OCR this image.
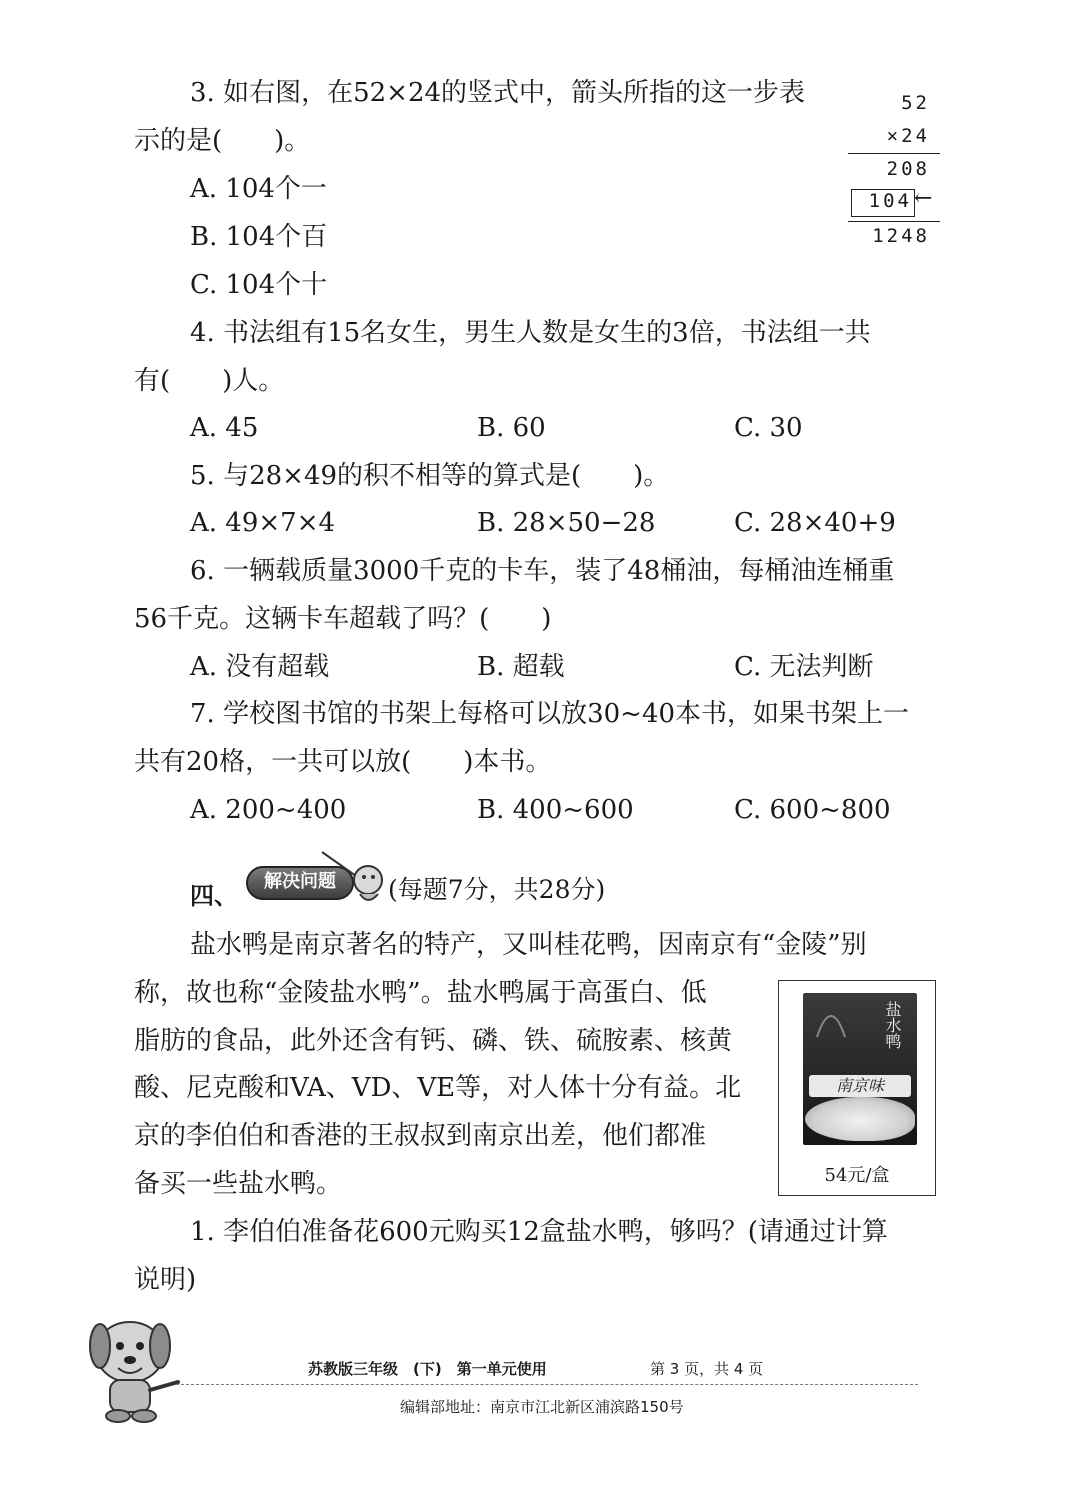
3. 如右图，在52×24的竖式中，箭头所指的这一步表
示的是(　　)。
A. 104个一
B. 104个百
C. 104个十
52
×24
208
104 ←
1248
4. 书法组有15名女生，男生人数是女生的3倍，书法组一共
有(　　)人。
A. 45	B. 60	C. 30
5. 与28×49的积不相等的算式是(　　)。
A. 49×7×4	B. 28×50−28	C. 28×40+9
6. 一辆载质量3000千克的卡车，装了48桶油，每桶油连桶重
56千克。这辆卡车超载了吗？(　　)
A. 没有超载	B. 超载	C. 无法判断
7. 学校图书馆的书架上每格可以放30~40本书，如果书架上一
共有20格，一共可以放(　　)本书。
A. 200~400	B. 400~600	C. 600~800
四、
解决问题	(每题7分，共28分)
盐水鸭是南京著名的特产，又叫桂花鸭，因南京有“金陵”别
称，故也称“金陵盐水鸭”。盐水鸭属于高蛋白、低
脂肪的食品，此外还含有钙、磷、铁、硫胺素、核黄
酸、尼克酸和VA、VD、VE等，对人体十分有益。北
京的李伯伯和香港的王叔叔到南京出差，他们都准
备买一些盐水鸭。
盐水鸭
南京味
54元/盒
1. 李伯伯准备花600元购买12盒盐水鸭，够吗？(请通过计算
说明)
苏教版三年级　(下)　第一单元使用	第 3 页，共 4 页
编辑部地址：南京市江北新区浦滨路150号
